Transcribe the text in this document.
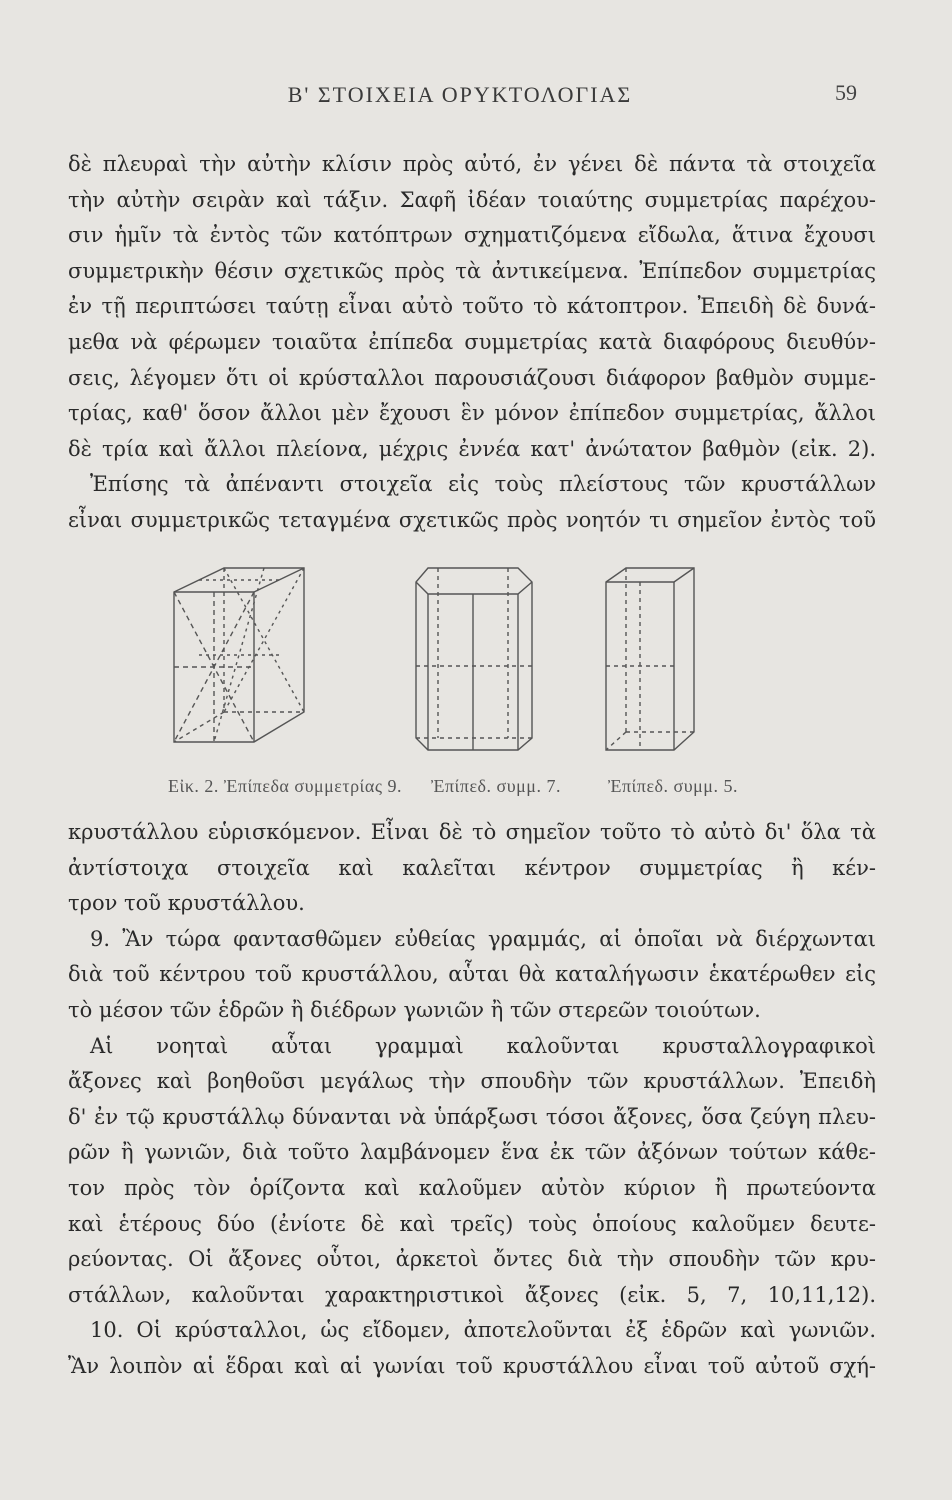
Β' ΣΤΟΙΧΕΙΑ ΟΡΥΚΤΟΛΟΓΙΑΣ	59
δὲ πλευραὶ τὴν αὐτὴν κλίσιν πρὸς αὐτό, ἐν γένει δὲ πάντα τὰ στοιχεῖα
τὴν αὐτὴν σειρὰν καὶ τάξιν. Σαφῆ ἰδέαν τοιαύτης συμμετρίας παρέχου-
σιν ἡμῖν τὰ ἐντὸς τῶν κατόπτρων σχηματιζόμενα εἴδωλα, ἅτινα ἔχουσι
συμμετρικὴν θέσιν σχετικῶς πρὸς τὰ ἀντικείμενα. Ἐπίπεδον συμμετρίας
ἐν τῇ περιπτώσει ταύτῃ εἶναι αὐτὸ τοῦτο τὸ κάτοπτρον. Ἐπειδὴ δὲ δυνά-
μεθα νὰ φέρωμεν τοιαῦτα ἐπίπεδα συμμετρίας κατὰ διαφόρους διευθύν-
σεις, λέγομεν ὅτι οἱ κρύσταλλοι παρουσιάζουσι διάφορον βαθμὸν συμμε-
τρίας, καθ' ὅσον ἄλλοι μὲν ἔχουσι ἓν μόνον ἐπίπεδον συμμετρίας, ἄλλοι
δὲ τρία καὶ ἄλλοι πλείονα, μέχρις ἐννέα κατ' ἀνώτατον βαθμὸν (εἰκ. 2).
Ἐπίσης τὰ ἀπέναντι στοιχεῖα εἰς τοὺς πλείστους τῶν κρυστάλλων
εἶναι συμμετρικῶς τεταγμένα σχετικῶς πρὸς νοητόν τι σημεῖον ἐντὸς τοῦ
Εἰκ. 2. Ἐπίπεδα συμμετρίας 9. Ἐπίπεδ. συμμ. 7.	Ἐπίπεδ. συμμ. 5.
κρυστάλλου εὑρισκόμενον. Εἶναι δὲ τὸ σημεῖον τοῦτο τὸ αὐτὸ δι' ὅλα τὰ
ἀντίστοιχα στοιχεῖα καὶ καλεῖται κέντρον συμμετρίας ἢ κέν-
τρον τοῦ κρυστάλλου.
9. Ἂν τώρα φαντασθῶμεν εὐθείας γραμμάς, αἱ ὁποῖαι νὰ διέρχωνται
διὰ τοῦ κέντρου τοῦ κρυστάλλου, αὗται θὰ καταλήγωσιν ἑκατέρωθεν εἰς
τὸ μέσον τῶν ἑδρῶν ἢ διέδρων γωνιῶν ἢ τῶν στερεῶν τοιούτων.
Αἱ νοηταὶ αὗται γραμμαὶ καλοῦνται κρυσταλλογραφικοὶ
ἄξονες καὶ βοηθοῦσι μεγάλως τὴν σπουδὴν τῶν κρυστάλλων. Ἐπειδὴ
δ' ἐν τῷ κρυστάλλῳ δύνανται νὰ ὑπάρξωσι τόσοι ἄξονες, ὅσα ζεύγη πλευ-
ρῶν ἢ γωνιῶν, διὰ τοῦτο λαμβάνομεν ἕνα ἐκ τῶν ἀξόνων τούτων κάθε-
τον πρὸς τὸν ὁρίζοντα καὶ καλοῦμεν αὐτὸν κύριον ἢ πρωτεύοντα
καὶ ἑτέρους δύο (ἐνίοτε δὲ καὶ τρεῖς) τοὺς ὁποίους καλοῦμεν δευτε-
ρεύοντας. Οἱ ἄξονες οὗτοι, ἀρκετοὶ ὄντες διὰ τὴν σπουδὴν τῶν κρυ-
στάλλων, καλοῦνται χαρακτηριστικοὶ ἄξονες (εἰκ. 5, 7, 10,11,12).
10. Οἱ κρύσταλλοι, ὡς εἴδομεν, ἀποτελοῦνται ἐξ ἑδρῶν καὶ γωνιῶν.
Ἂν λοιπὸν αἱ ἕδραι καὶ αἱ γωνίαι τοῦ κρυστάλλου εἶναι τοῦ αὐτοῦ σχή-
